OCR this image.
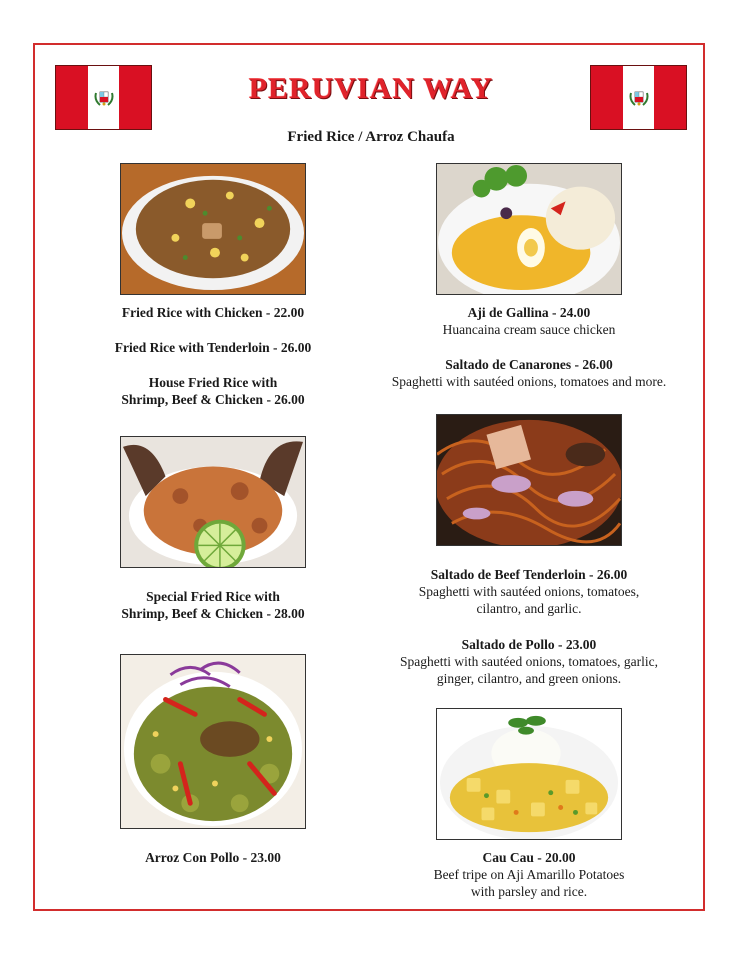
PERUVIAN WAY
Fried Rice / Arroz Chaufa
Fried Rice with Chicken - 22.00
Fried Rice with Tenderloin - 26.00
House Fried Rice with
Shrimp, Beef & Chicken - 26.00
Special Fried Rice with
Shrimp, Beef & Chicken - 28.00
Arroz Con Pollo - 23.00
Aji de Gallina - 24.00
Huancaina cream sauce chicken
Saltado de Canarones - 26.00
Spaghetti with sautéed onions, tomatoes and more.
Saltado de Beef Tenderloin - 26.00
Spaghetti with sautéed onions, tomatoes,
cilantro, and garlic.
Saltado de Pollo - 23.00
Spaghetti with sautéed onions, tomatoes, garlic,
ginger, cilantro, and green onions.
Cau Cau - 20.00
Beef tripe on Aji Amarillo Potatoes
with parsley and rice.
